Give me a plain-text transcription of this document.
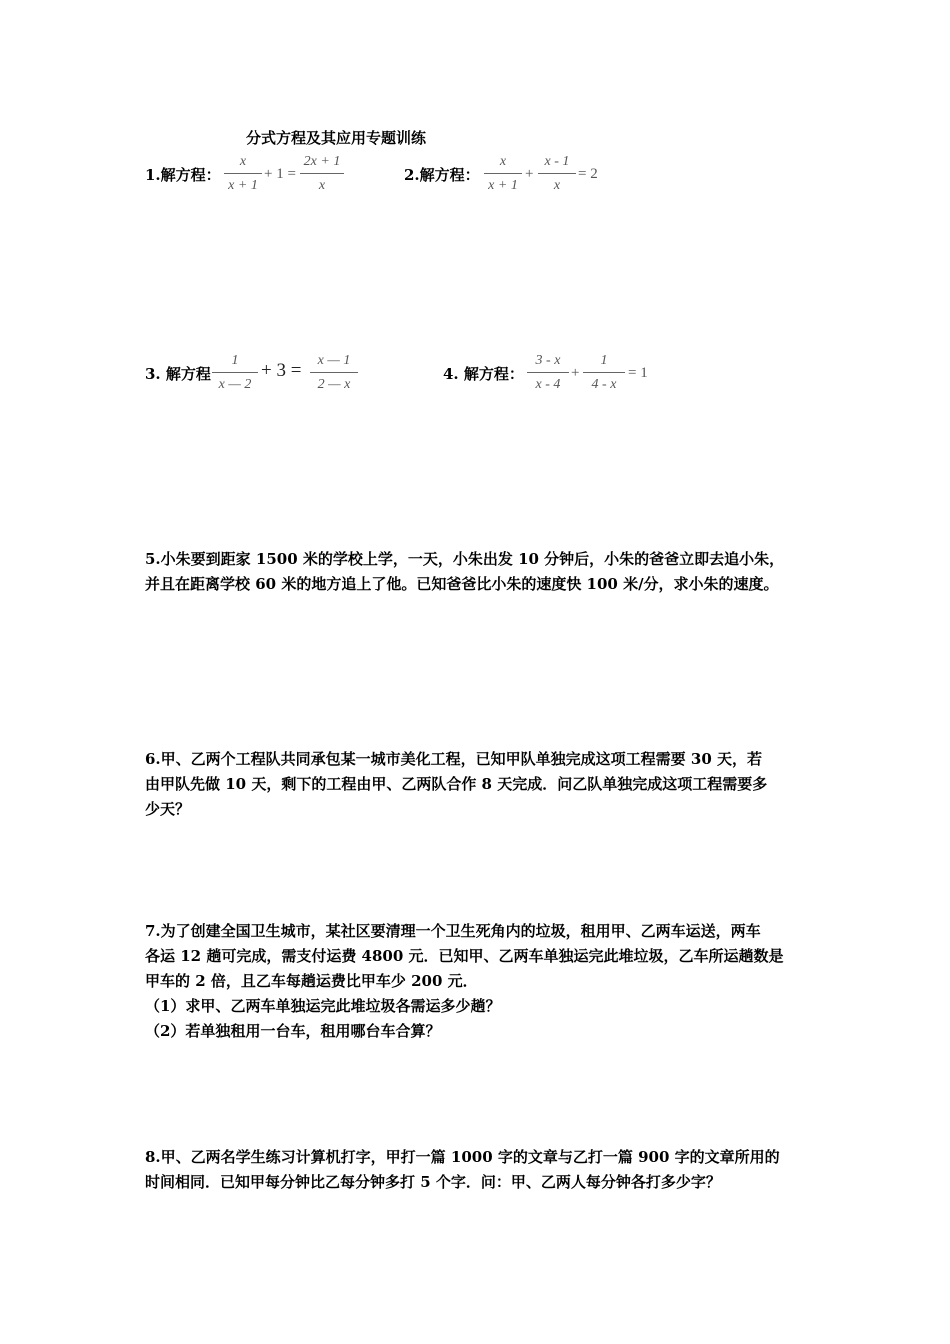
分式方程及其应用专题训练
1.解方程：
x
x + 1
+ 1 =
2x + 1
x
2.解方程：
x
x + 1
+
x - 1
x
= 2
3. 解方程
1
x — 2
+ 3 = x — 1
2 — x
4. 解方程：
3 - x
x - 4
+
1
4 - x
= 1
5.小朱要到距家 1500 米的学校上学，一天，小朱出发 10 分钟后，小朱的爸爸立即去追小朱，
并且在距离学校 60 米的地方追上了他。已知爸爸比小朱的速度快 100 米/分，求小朱的速度。
6.甲、乙两个工程队共同承包某一城市美化工程，已知甲队单独完成这项工程需要 30 天，若
由甲队先做 10 天，剩下的工程由甲、乙两队合作 8 天完成．问乙队单独完成这项工程需要多
少天？
7.为了创建全国卫生城市，某社区要清理一个卫生死角内的垃圾，租用甲、乙两车运送，两车
各运 12 趟可完成，需支付运费 4800 元．已知甲、乙两车单独运完此堆垃圾，乙车所运趟数是
甲车的 2 倍，且乙车每趟运费比甲车少 200 元．
（1）求甲、乙两车单独运完此堆垃圾各需运多少趟？
（2）若单独租用一台车，租用哪台车合算？
8.甲、乙两名学生练习计算机打字，甲打一篇 1000 字的文章与乙打一篇 900 字的文章所用的
时间相同．已知甲每分钟比乙每分钟多打 5 个字．问：甲、乙两人每分钟各打多少字？
